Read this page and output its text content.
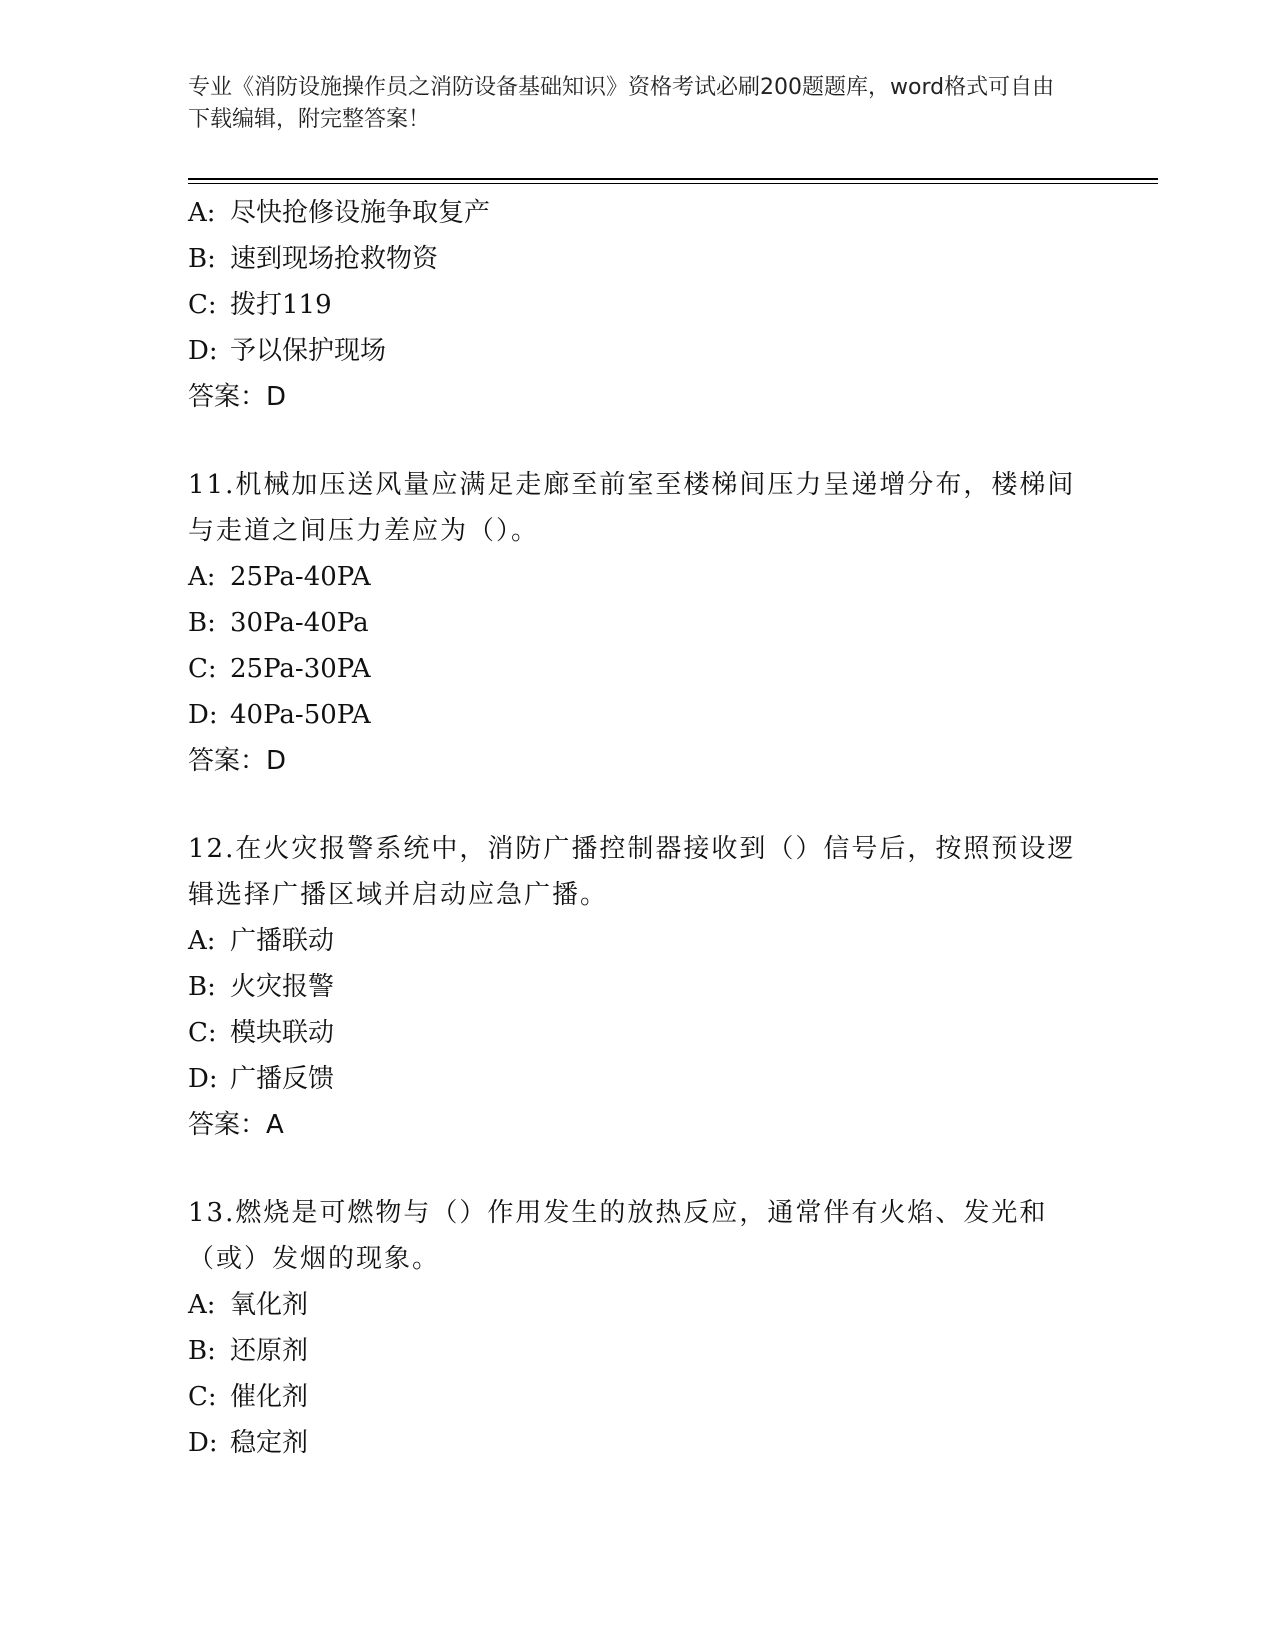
专业《消防设施操作员之消防设备基础知识》资格考试必刷200题题库，word格式可自由下载编辑，附完整答案！
A: 尽快抢修设施争取复产
B: 速到现场抢救物资
C: 拨打119
D: 予以保护现场
答案：D
11.机械加压送风量应满足走廊至前室至楼梯间压力呈递增分布，楼梯间与走道之间压力差应为（）。
A: 25Pa-40PA
B: 30Pa-40Pa
C: 25Pa-30PA
D: 40Pa-50PA
答案：D
12.在火灾报警系统中，消防广播控制器接收到（）信号后，按照预设逻辑选择广播区域并启动应急广播。
A: 广播联动
B: 火灾报警
C: 模块联动
D: 广播反馈
答案：A
13.燃烧是可燃物与（）作用发生的放热反应，通常伴有火焰、发光和（或）发烟的现象。
A: 氧化剂
B: 还原剂
C: 催化剂
D: 稳定剂
